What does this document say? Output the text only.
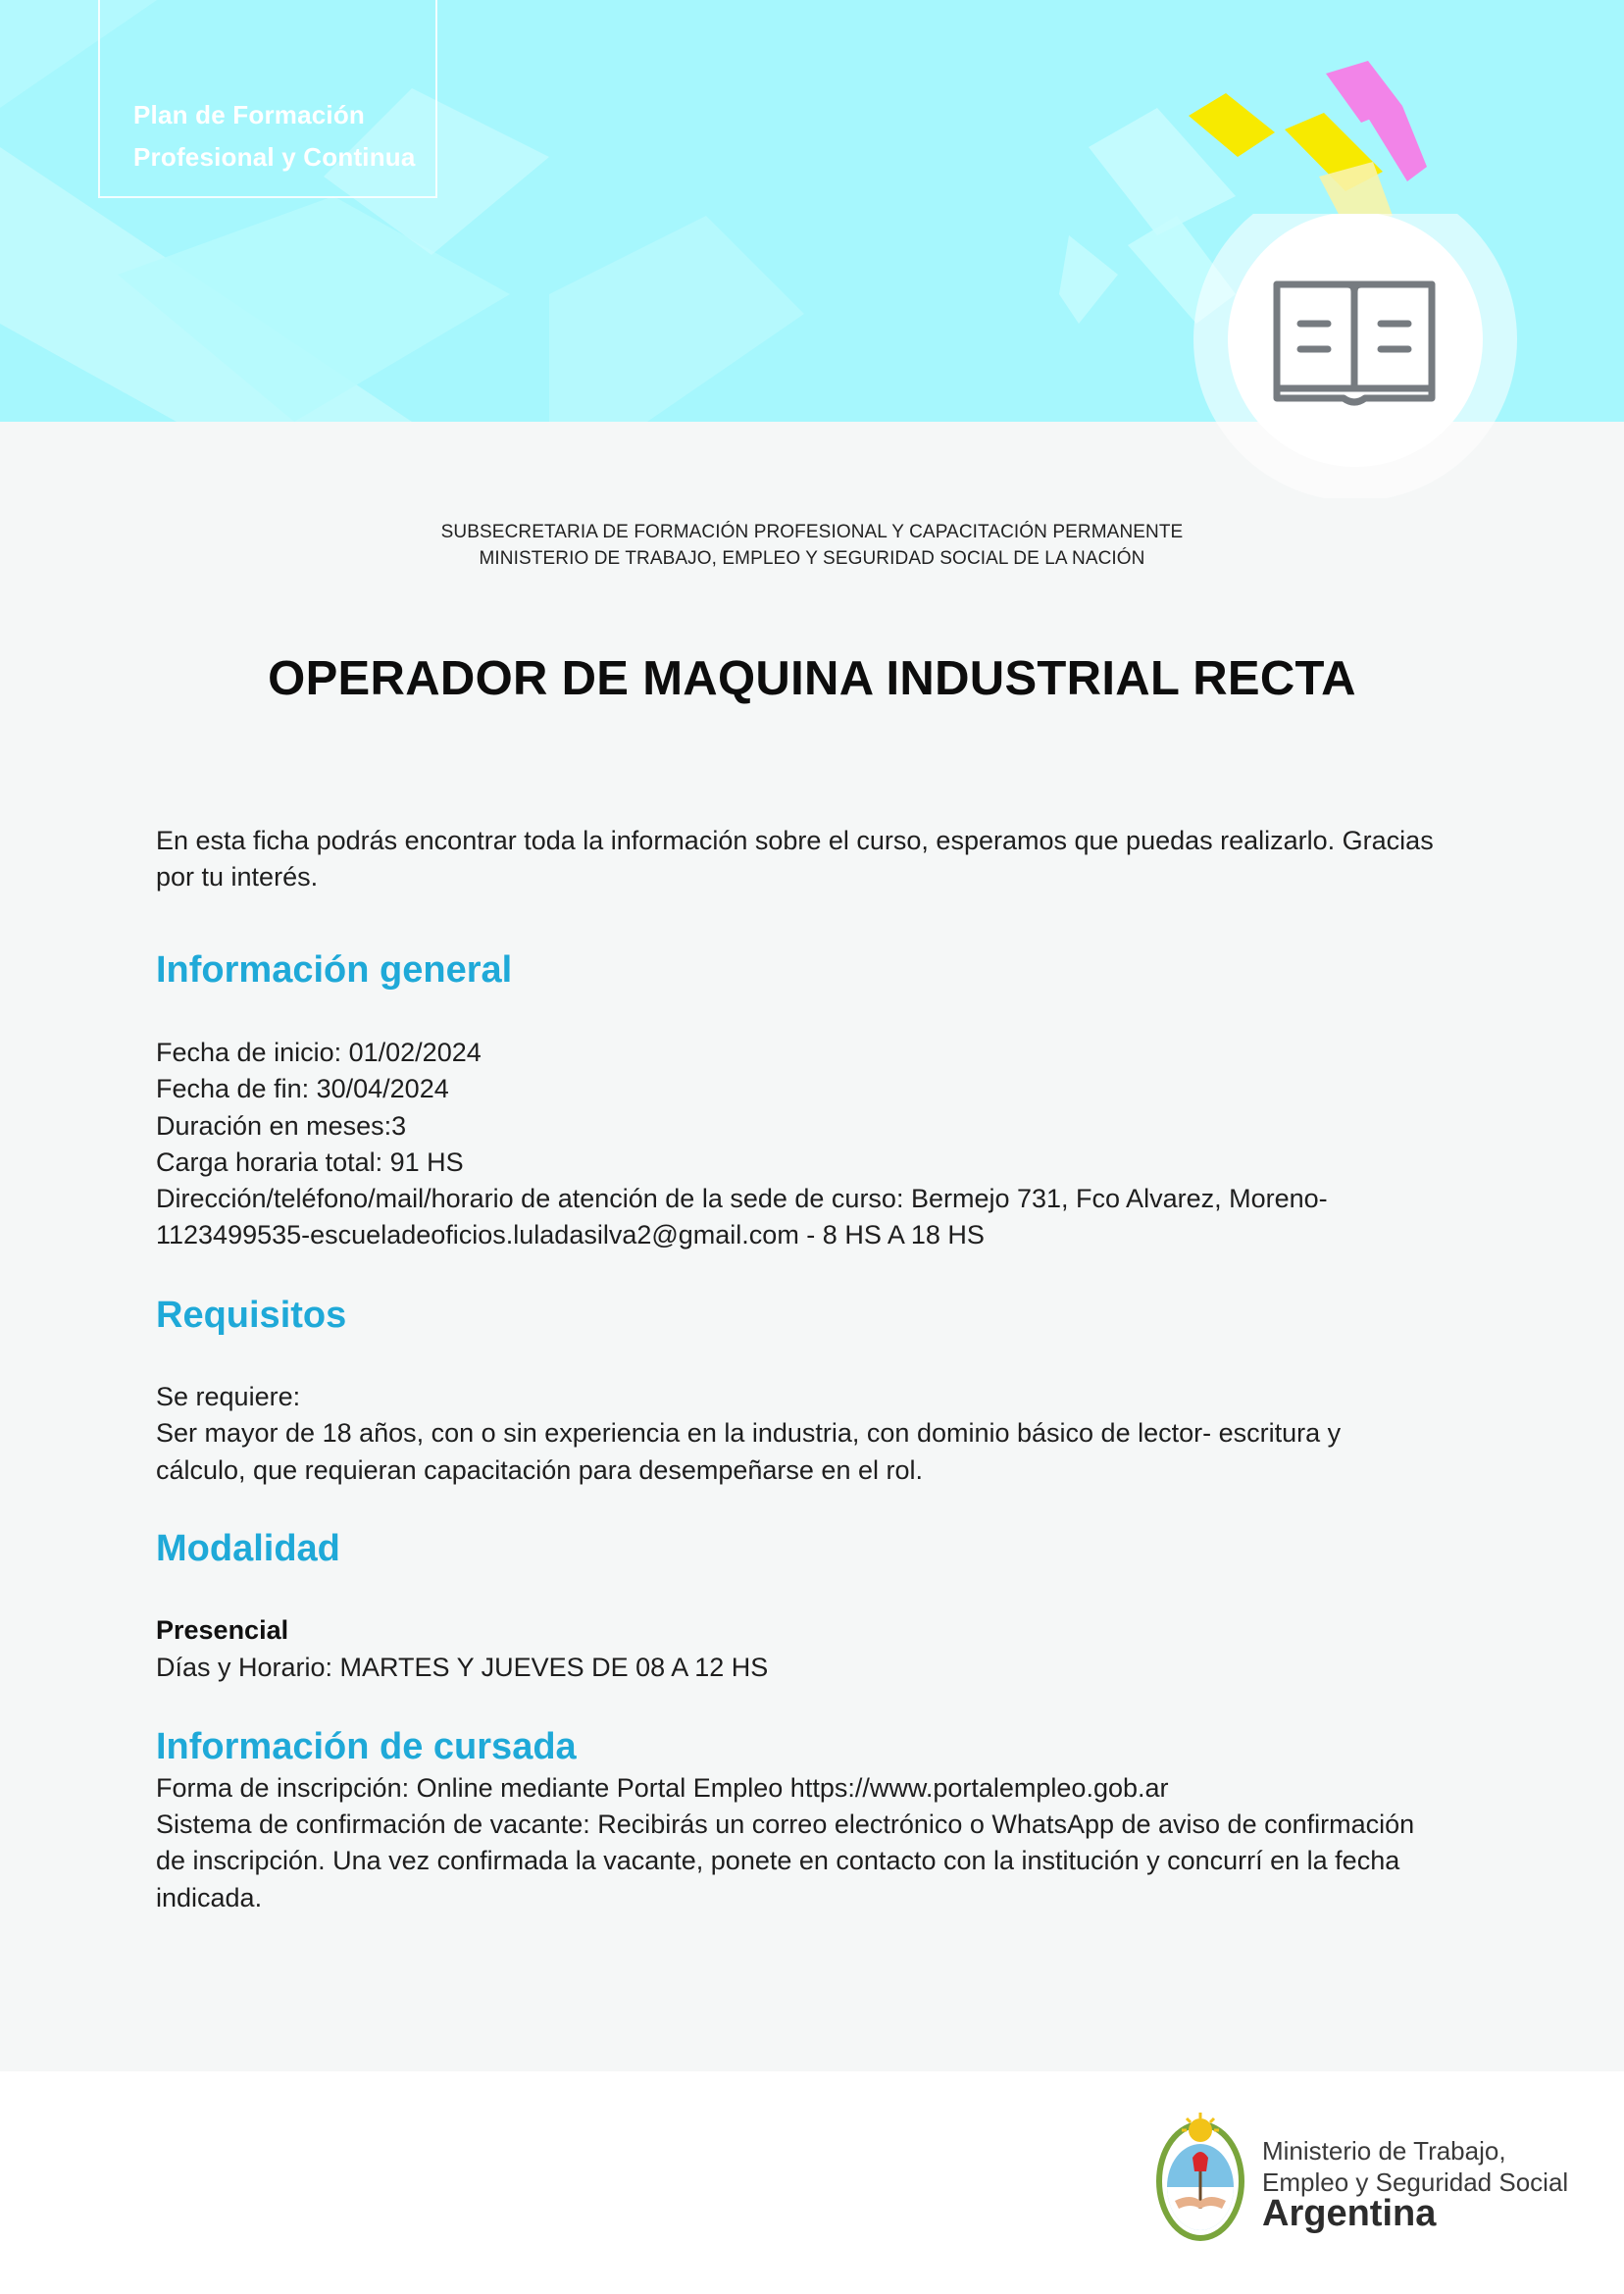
Plan de Formación
Profesional y Continua
SUBSECRETARIA DE FORMACIÓN PROFESIONAL Y CAPACITACIÓN PERMANENTE
MINISTERIO DE TRABAJO, EMPLEO Y SEGURIDAD SOCIAL DE LA NACIÓN
OPERADOR DE MAQUINA INDUSTRIAL RECTA
En esta ficha podrás encontrar toda la información sobre el curso, esperamos que puedas realizarlo. Gracias
por tu interés.
Información general
Fecha de inicio: 01/02/2024
Fecha de fin: 30/04/2024
Duración en meses:3
Carga horaria total: 91 HS
Dirección/teléfono/mail/horario de atención de la sede de curso: Bermejo 731, Fco Alvarez, Moreno-
1123499535-escueladeoficios.luladasilva2@gmail.com - 8 HS A 18 HS
Requisitos
Se requiere:
Ser mayor de 18 años, con o sin experiencia en la industria, con dominio básico de lector- escritura y
cálculo, que requieran capacitación para desempeñarse en el rol.
Modalidad
Presencial
Días y Horario: MARTES Y JUEVES DE 08 A 12 HS
Información de cursada
Forma de inscripción: Online mediante Portal Empleo https://www.portalempleo.gob.ar
Sistema de confirmación de vacante: Recibirás un correo electrónico o WhatsApp de aviso de confirmación
de inscripción. Una vez confirmada la vacante, ponete en contacto con la institución y concurrí en la fecha
indicada.
Ministerio de Trabajo,
Empleo y Seguridad Social
Argentina
